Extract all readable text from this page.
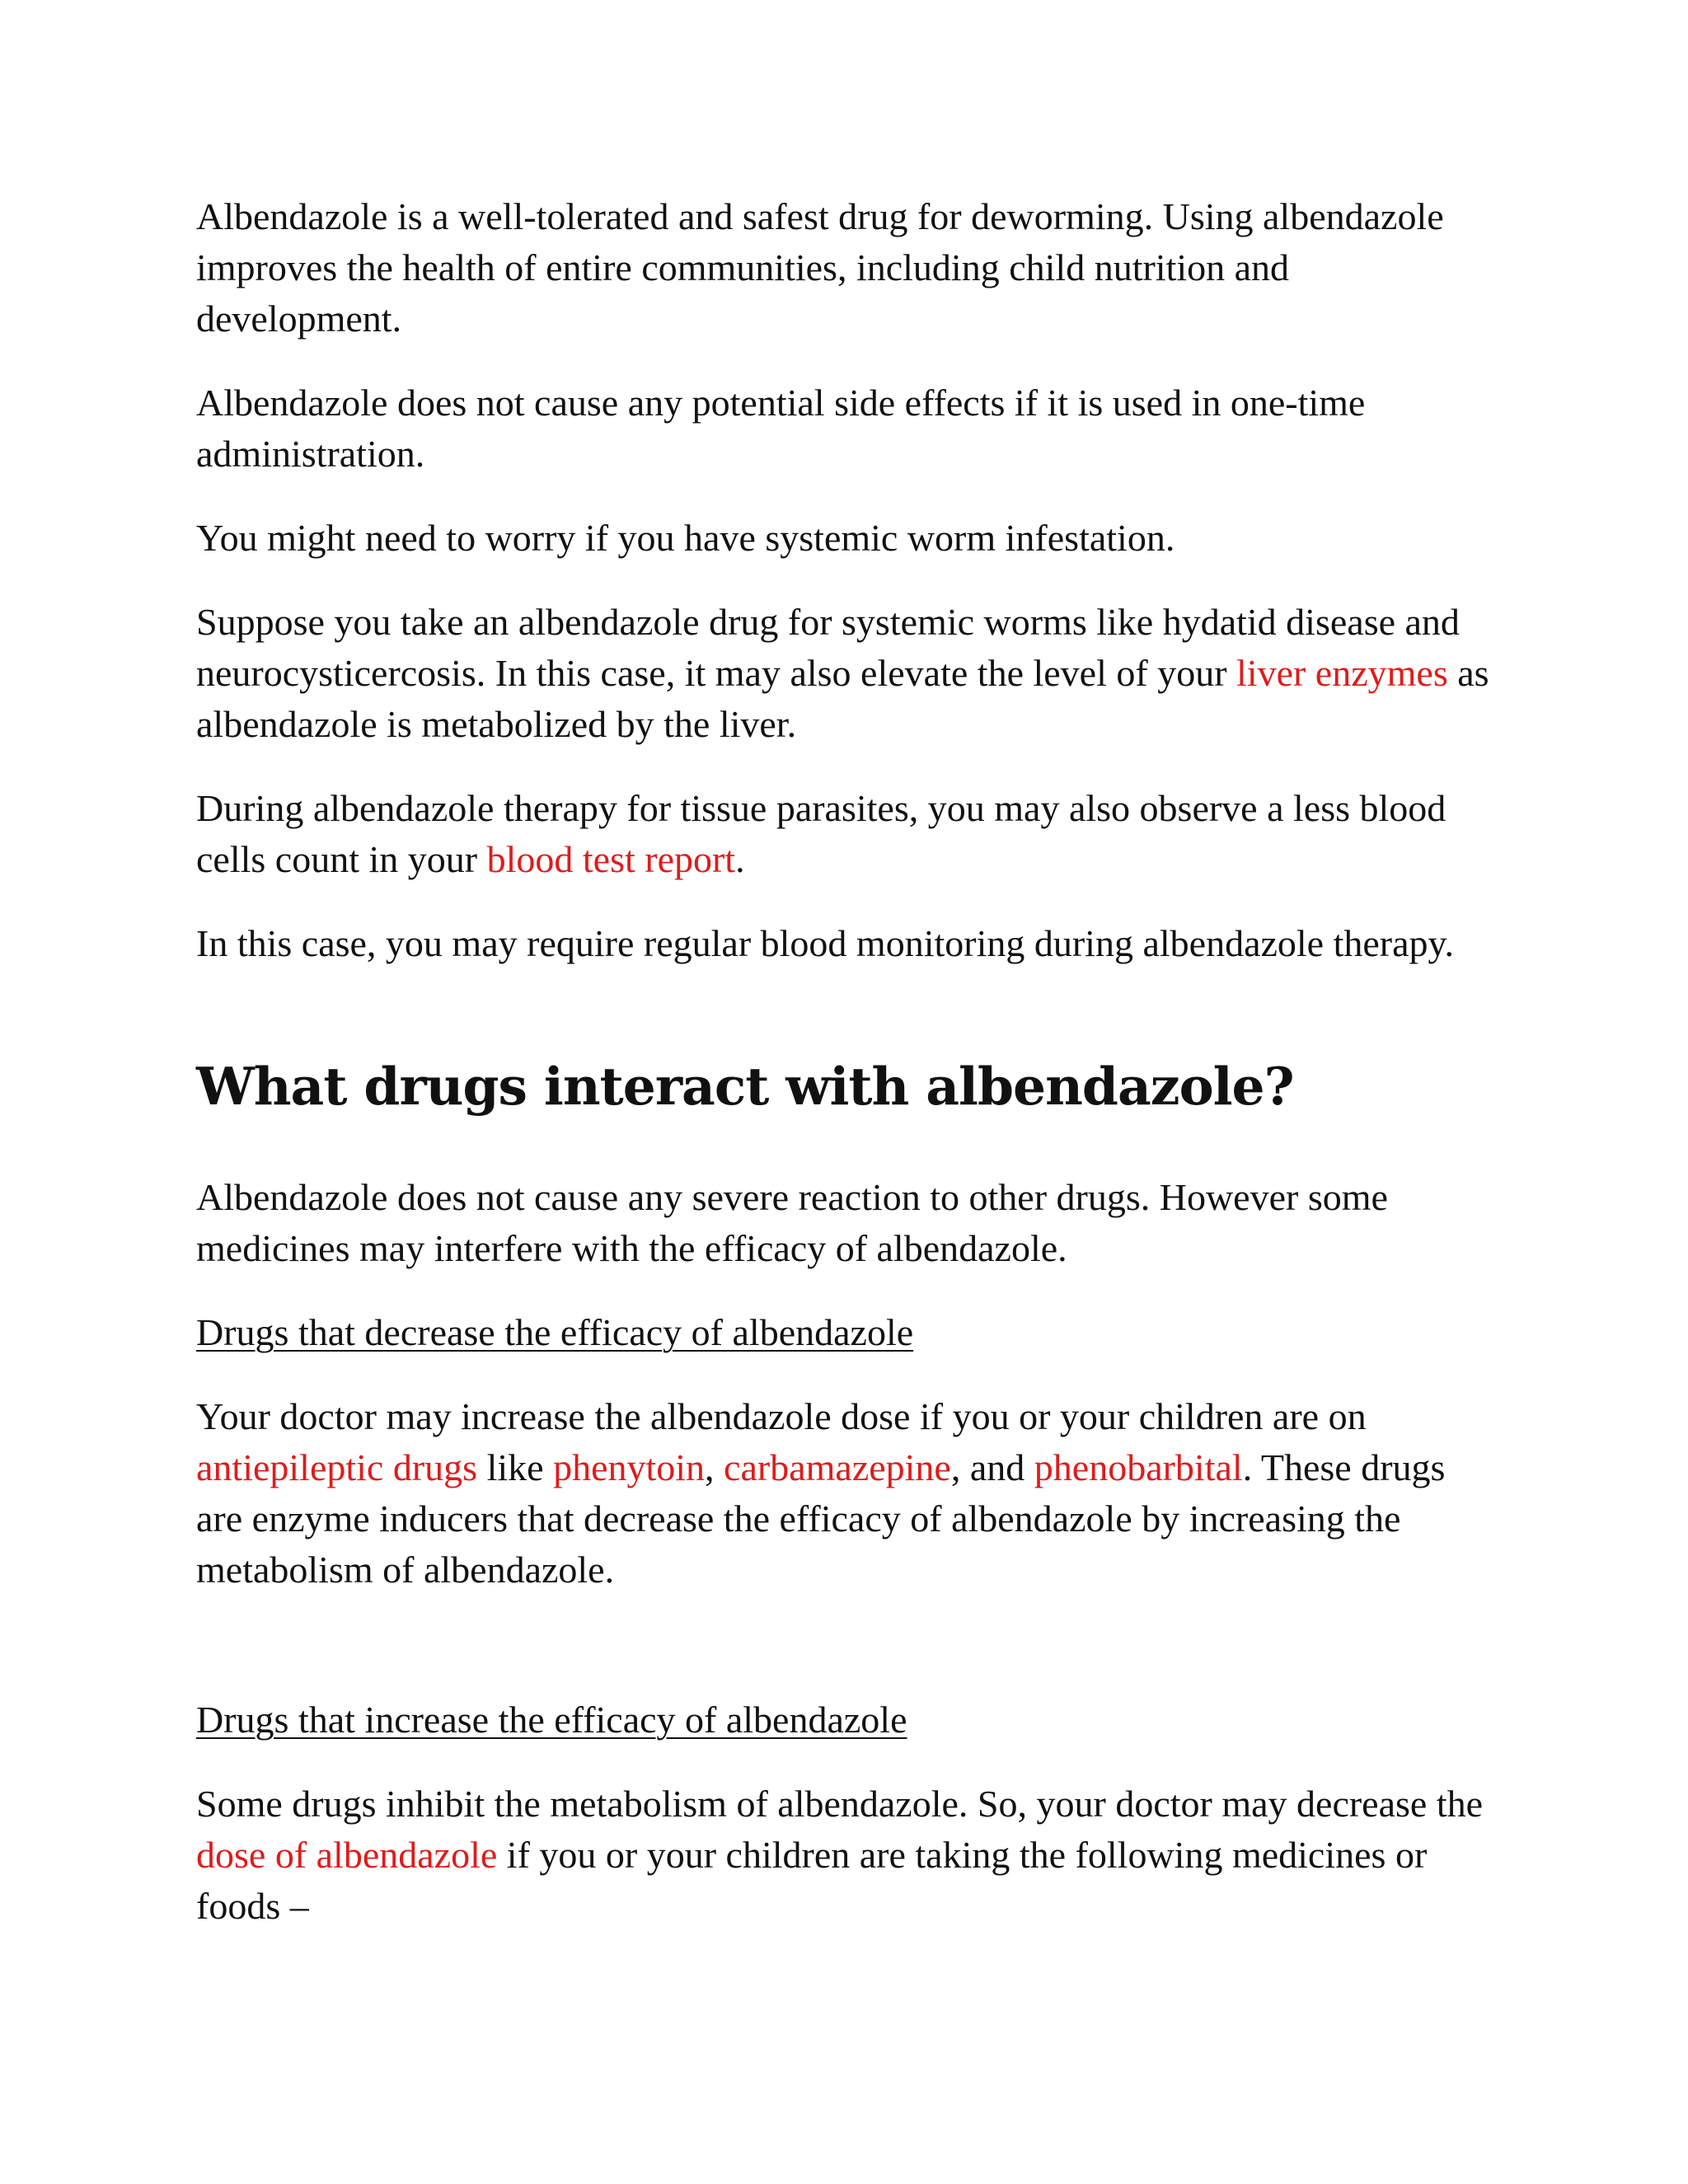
Albendazole is a well-tolerated and safest drug for deworming. Using albendazole improves the health of entire communities, including child nutrition and development.

Albendazole does not cause any potential side effects if it is used in one-time administration.

You might need to worry if you have systemic worm infestation.

Suppose you take an albendazole drug for systemic worms like hydatid disease and neurocysticercosis. In this case, it may also elevate the level of your liver enzymes as albendazole is metabolized by the liver.

During albendazole therapy for tissue parasites, you may also observe a less blood cells count in your blood test report.

In this case, you may require regular blood monitoring during albendazole therapy.

What drugs interact with albendazole?

Albendazole does not cause any severe reaction to other drugs. However some medicines may interfere with the efficacy of albendazole.

Drugs that decrease the efficacy of albendazole

Your doctor may increase the albendazole dose if you or your children are on antiepileptic drugs like phenytoin, carbamazepine, and phenobarbital. These drugs are enzyme inducers that decrease the efficacy of albendazole by increasing the metabolism of albendazole.

Drugs that increase the efficacy of albendazole

Some drugs inhibit the metabolism of albendazole. So, your doctor may decrease the dose of albendazole if you or your children are taking the following medicines or foods –
